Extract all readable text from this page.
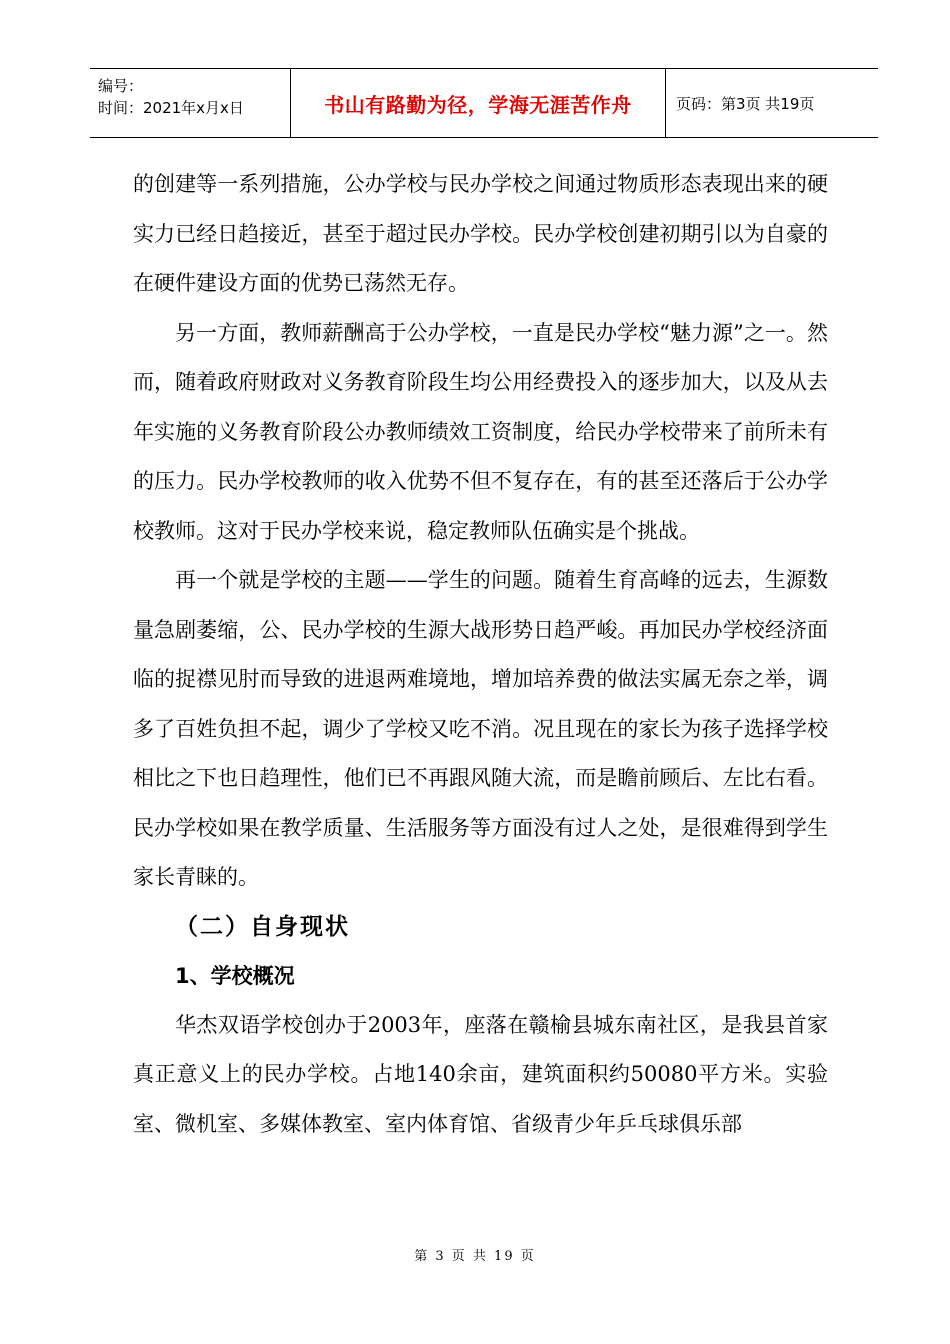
编号：
时间：2021年x月x日	书山有路勤为径，学海无涯苦作舟	页码：第3页 共19页

的创建等一系列措施，公办学校与民办学校之间通过物质形态表现出来的硬实力已经日趋接近，甚至于超过民办学校。民办学校创建初期引以为自豪的在硬件建设方面的优势已荡然无存。

另一方面，教师薪酬高于公办学校，一直是民办学校“魅力源”之一。然而，随着政府财政对义务教育阶段生均公用经费投入的逐步加大，以及从去年实施的义务教育阶段公办教师绩效工资制度，给民办学校带来了前所未有的压力。民办学校教师的收入优势不但不复存在，有的甚至还落后于公办学校教师。这对于民办学校来说，稳定教师队伍确实是个挑战。

再一个就是学校的主题——学生的问题。随着生育高峰的远去，生源数量急剧萎缩，公、民办学校的生源大战形势日趋严峻。再加民办学校经济面临的捉襟见肘而导致的进退两难境地，增加培养费的做法实属无奈之举，调多了百姓负担不起，调少了学校又吃不消。况且现在的家长为孩子选择学校相比之下也日趋理性，他们已不再跟风随大流，而是瞻前顾后、左比右看。民办学校如果在教学质量、生活服务等方面没有过人之处，是很难得到学生家长青睐的。

（二）自身现状

1、学校概况

华杰双语学校创办于2003年，座落在赣榆县城东南社区，是我县首家真正意义上的民办学校。占地140余亩，建筑面积约50080平方米。实验室、微机室、多媒体教室、室内体育馆、省级青少年乒乓球俱乐部

第 3 页 共 19 页
